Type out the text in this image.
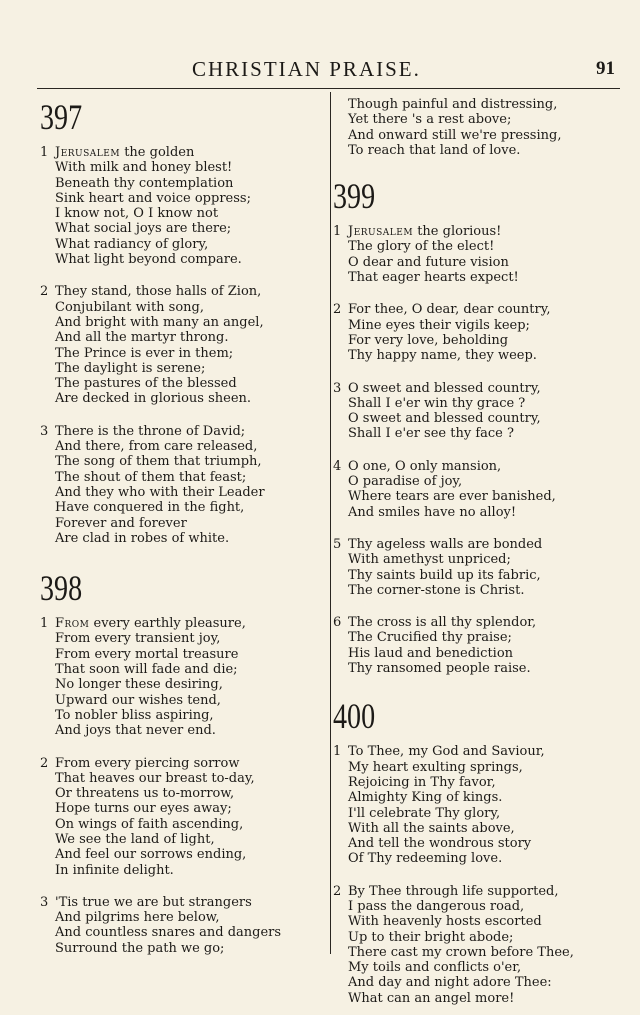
CHRISTIAN PRAISE.	91
397
1 Jerusalem the golden
With milk and honey blest!
Beneath thy contemplation
Sink heart and voice oppress;
I know not, O I know not
What social joys are there;
What radiancy of glory,
What light beyond compare.
2 They stand, those halls of Zion,
Conjubilant with song,
And bright with many an angel,
And all the martyr throng.
The Prince is ever in them;
The daylight is serene;
The pastures of the blessed
Are decked in glorious sheen.
3 There is the throne of David;
And there, from care released,
The song of them that triumph,
The shout of them that feast;
And they who with their Leader
Have conquered in the fight,
Forever and forever
Are clad in robes of white.
398
1 From every earthly pleasure,
From every transient joy,
From every mortal treasure
That soon will fade and die;
No longer these desiring,
Upward our wishes tend,
To nobler bliss aspiring,
And joys that never end.
2 From every piercing sorrow
That heaves our breast to-day,
Or threatens us to-morrow,
Hope turns our eyes away;
On wings of faith ascending,
We see the land of light,
And feel our sorrows ending,
In infinite delight.
3 'Tis true we are but strangers
And pilgrims here below,
And countless snares and dangers
Surround the path we go;
Though painful and distressing,
Yet there 's a rest above;
And onward still we're pressing,
To reach that land of love.
399
1 Jerusalem the glorious!
The glory of the elect!
O dear and future vision
That eager hearts expect!
2 For thee, O dear, dear country,
Mine eyes their vigils keep;
For very love, beholding
Thy happy name, they weep.
3 O sweet and blessed country,
Shall I e'er win thy grace ?
O sweet and blessed country,
Shall I e'er see thy face ?
4 O one, O only mansion,
O paradise of joy,
Where tears are ever banished,
And smiles have no alloy!
5 Thy ageless walls are bonded
With amethyst unpriced;
Thy saints build up its fabric,
The corner-stone is Christ.
6 The cross is all thy splendor,
The Crucified thy praise;
His laud and benediction
Thy ransomed people raise.
400
1 To Thee, my God and Saviour,
My heart exulting springs,
Rejoicing in Thy favor,
Almighty King of kings.
I'll celebrate Thy glory,
With all the saints above,
And tell the wondrous story
Of Thy redeeming love.
2 By Thee through life supported,
I pass the dangerous road,
With heavenly hosts escorted
Up to their bright abode;
There cast my crown before Thee,
My toils and conflicts o'er,
And day and night adore Thee:
What can an angel more!
